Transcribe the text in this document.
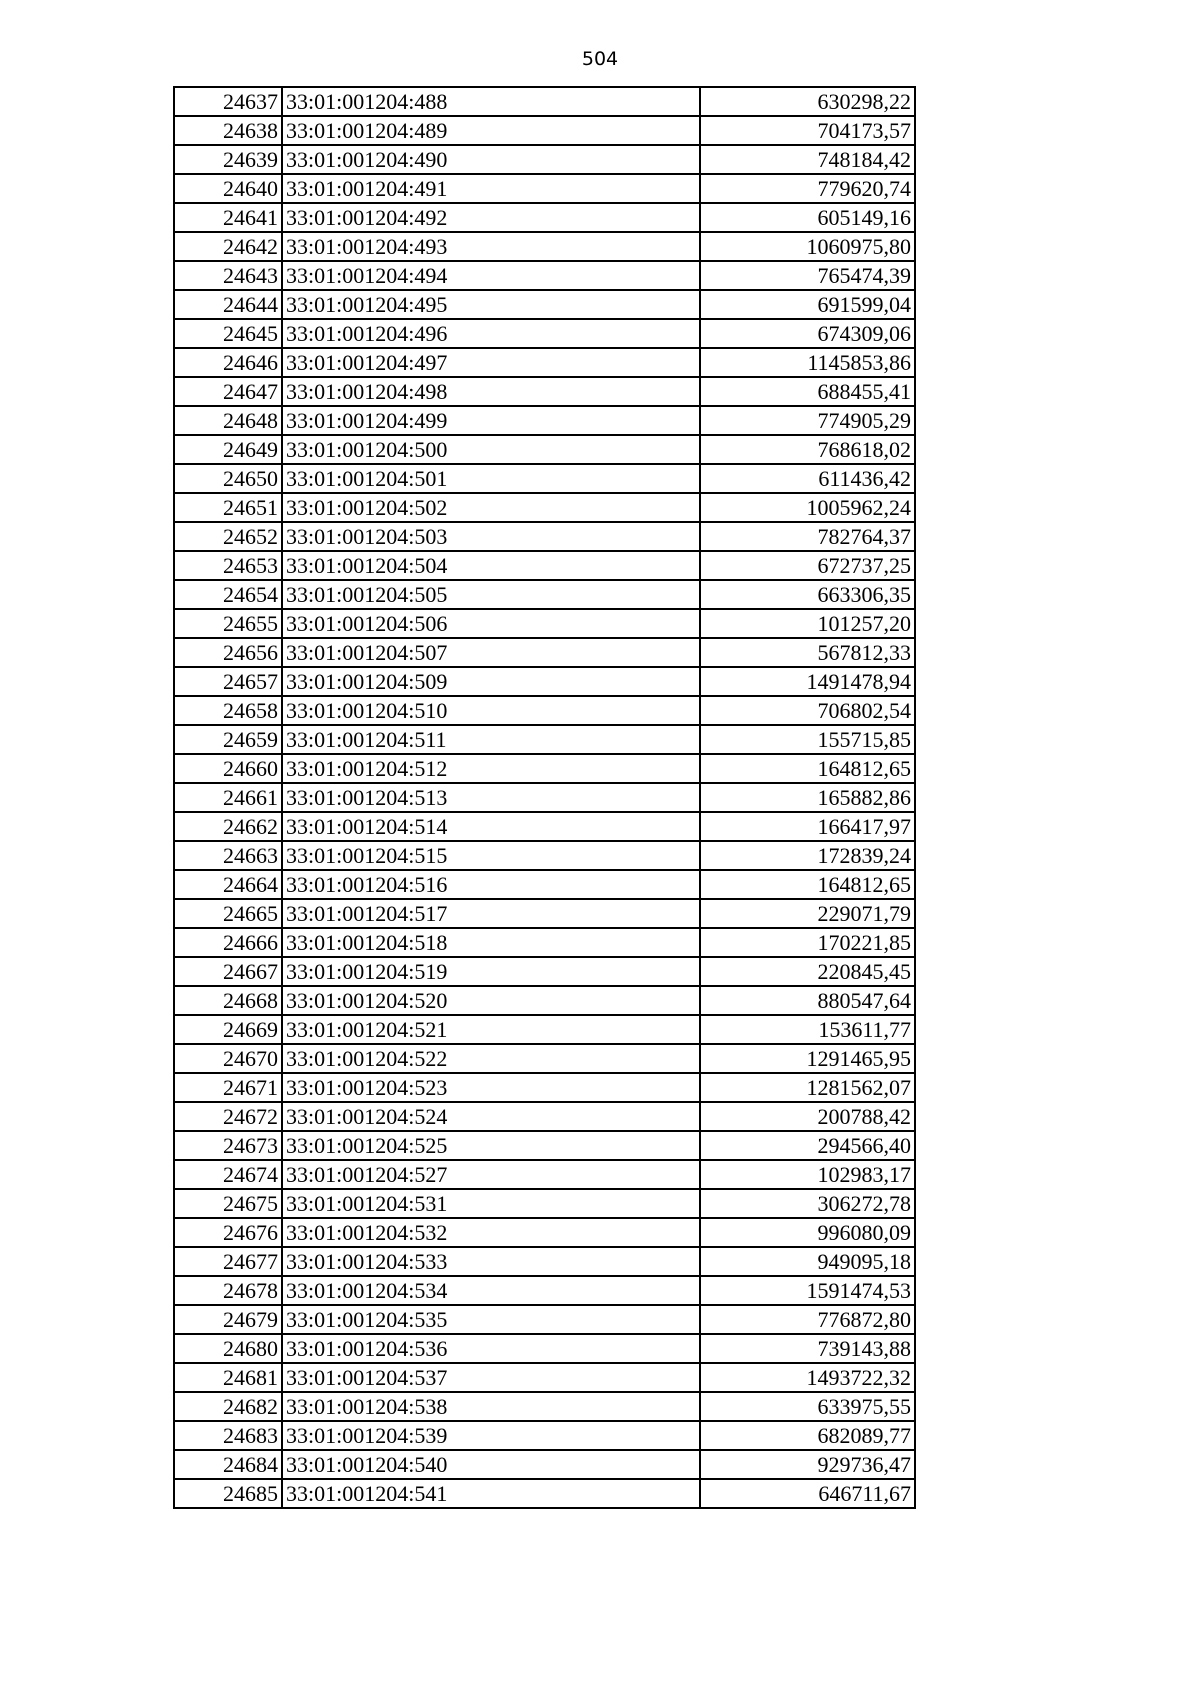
504
24637	33:01:001204:488	630298,22
24638	33:01:001204:489	704173,57
24639	33:01:001204:490	748184,42
24640	33:01:001204:491	779620,74
24641	33:01:001204:492	605149,16
24642	33:01:001204:493	1060975,80
24643	33:01:001204:494	765474,39
24644	33:01:001204:495	691599,04
24645	33:01:001204:496	674309,06
24646	33:01:001204:497	1145853,86
24647	33:01:001204:498	688455,41
24648	33:01:001204:499	774905,29
24649	33:01:001204:500	768618,02
24650	33:01:001204:501	611436,42
24651	33:01:001204:502	1005962,24
24652	33:01:001204:503	782764,37
24653	33:01:001204:504	672737,25
24654	33:01:001204:505	663306,35
24655	33:01:001204:506	101257,20
24656	33:01:001204:507	567812,33
24657	33:01:001204:509	1491478,94
24658	33:01:001204:510	706802,54
24659	33:01:001204:511	155715,85
24660	33:01:001204:512	164812,65
24661	33:01:001204:513	165882,86
24662	33:01:001204:514	166417,97
24663	33:01:001204:515	172839,24
24664	33:01:001204:516	164812,65
24665	33:01:001204:517	229071,79
24666	33:01:001204:518	170221,85
24667	33:01:001204:519	220845,45
24668	33:01:001204:520	880547,64
24669	33:01:001204:521	153611,77
24670	33:01:001204:522	1291465,95
24671	33:01:001204:523	1281562,07
24672	33:01:001204:524	200788,42
24673	33:01:001204:525	294566,40
24674	33:01:001204:527	102983,17
24675	33:01:001204:531	306272,78
24676	33:01:001204:532	996080,09
24677	33:01:001204:533	949095,18
24678	33:01:001204:534	1591474,53
24679	33:01:001204:535	776872,80
24680	33:01:001204:536	739143,88
24681	33:01:001204:537	1493722,32
24682	33:01:001204:538	633975,55
24683	33:01:001204:539	682089,77
24684	33:01:001204:540	929736,47
24685	33:01:001204:541	646711,67
